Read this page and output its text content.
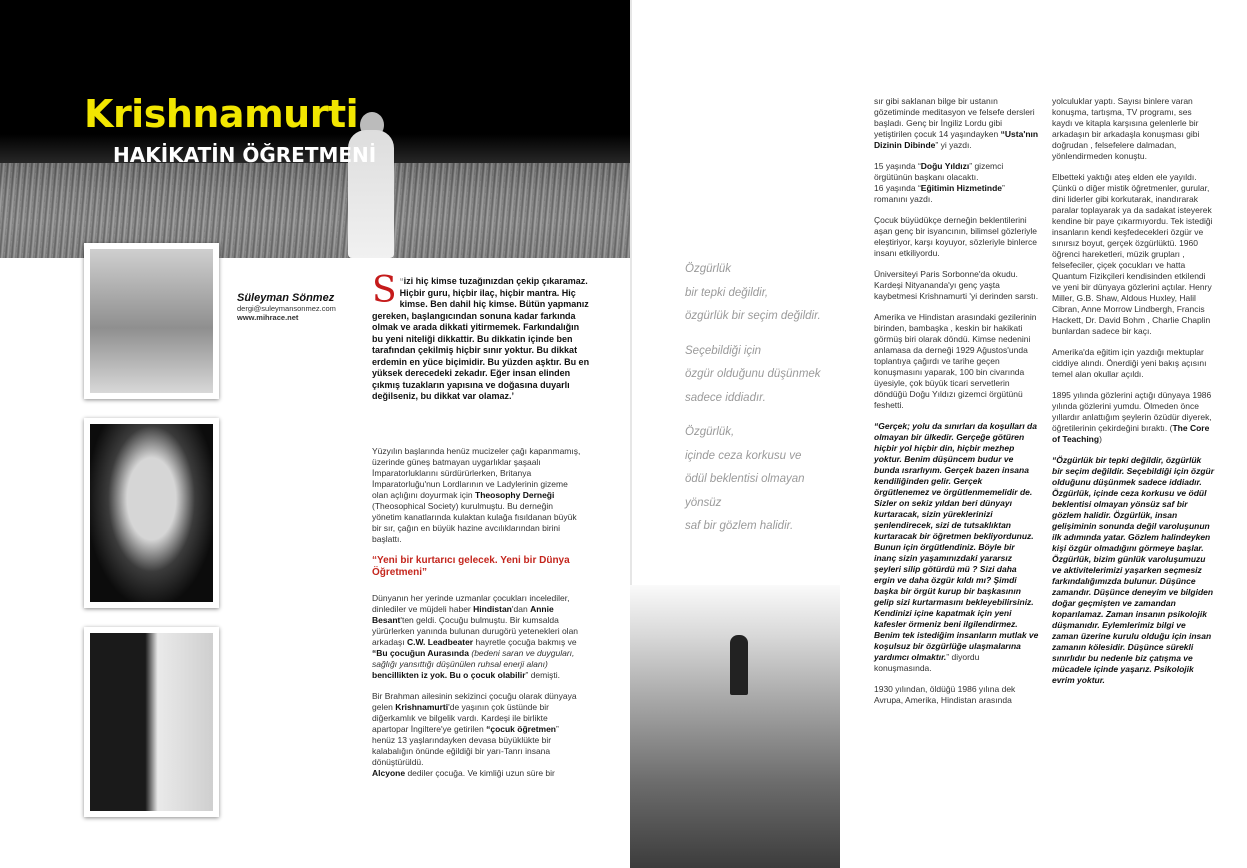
Krishnamurti
HAKİKATİN ÖĞRETMENİ
Süleyman Sönmez
dergi@suleymansonmez.com
www.mihrace.net
“
S izi hiç kimse tuzağınızdan çekip çıkaramaz. Hiçbir guru, hiçbir ilaç, hiçbir mantra. Hiç kimse. Ben dahil hiç kimse. Bütün yapmanız gereken, başlangıcından sonuna kadar farkında olmak ve arada dikkati yitirmemek. Farkındalığın bu yeni niteliği dikkattir. Bu dikkatin içinde ben tarafından çekilmiş hiçbir sınır yoktur. Bu dikkat erdemin en yüce biçimidir. Bu yüzden aşktır. Bu en yüksek derecedeki zekadır. Eğer insan elinden çıkmış tuzakların yapısına ve doğasına duyarlı değilseniz, bu dikkat var olamaz.’

Yüzyılın başlarında henüz mucizeler çağı kapanmamış, üzerinde güneş batmayan uygarlıklar şaşaalı İmparatorluklarını sürdürürlerken, Britanya İmparatorluğu'nun Lordlarının ve Ladylerinin gizeme olan açlığını doyurmak için Theosophy Derneği (Theosophical Society) kurulmuştu. Bu derneğin yönetim kanatlarında kulaktan kulağa fısıldanan büyük bir sır, çağın en büyük hazine avcılıklarından birini başlattı.

“Yeni bir kurtarıcı gelecek. Yeni bir Dünya Öğretmeni”

Dünyanın her yerinde uzmanlar çocukları incelediler, dinlediler ve müjdeli haber Hindistan'dan Annie Besant'ten geldi. Çocuğu bulmuştu. Bir kumsalda yürürlerken yanında bulunan durugörü yetenekleri olan arkadaşı C.W. Leadbeater hayretle çocuğa bakmış ve “Bu çocuğun Aurasında (bedeni saran ve duyguları, sağlığı yansıttığı düşünülen ruhsal enerji alanı) bencillikten iz yok. Bu o çocuk olabilir” demişti.

Bir Brahman ailesinin sekizinci çocuğu olarak dünyaya gelen Krishnamurti'de yaşının çok üstünde bir diğerkamlık ve bilgelik vardı. Kardeşi ile birlikte apartopar İngiltere'ye getirilen “çocuk öğretmen” henüz 13 yaşlarındayken devasa büyüklükte bir kalabalığın önünde eğildiği bir yarı-Tanrı insana dönüştürüldü.
Alcyone dediler çocuğa. Ve kimliği uzun süre bir

Özgürlük
bir tepki değildir,
özgürlük bir seçim değildir.

Seçebildiği için
özgür olduğunu düşünmek
sadece iddiadır.

Özgürlük,
içinde ceza korkusu ve
ödül beklentisi olmayan
yönsüz
saf bir gözlem halidir.

sır gibi saklanan bilge bir ustanın gözetiminde meditasyon ve felsefe dersleri başladı. Genç bir İngiliz Lordu gibi yetiştirilen çocuk 14 yaşındayken “Usta'nın Dizinin Dibinde” yi yazdı.

15 yaşında “Doğu Yıldızı” gizemci örgütünün başkanı olacaktı.
16 yaşında “Eğitimin Hizmetinde” romanını yazdı.

Çocuk büyüdükçe derneğin beklentilerini aşan genç bir isyancının, bilimsel gözleriyle eleştiriyor, karşı koyuyor, sözleriyle binlerce insanı etkiliyordu.

Üniversiteyi Paris Sorbonne'da okudu. Kardeşi Nityananda'yı genç yaşta kaybetmesi Krishnamurti 'yi derinden sarstı.

Amerika ve Hindistan arasındaki gezilerinin birinden, bambaşka , keskin bir hakikati görmüş biri olarak döndü. Kimse nedenini anlamasa da derneği 1929 Ağustos'unda toplantıya çağırdı ve tarihe geçen konuşmasını yaparak, 100 bin civarında üyesiyle, çok büyük ticari servetlerin döndüğü Doğu Yıldızı gizemci örgütünü feshetti.

“Gerçek; yolu da sınırları da koşulları da olmayan bir ülkedir. Gerçeğe götüren hiçbir yol hiçbir din, hiçbir mezhep yoktur. Benim düşüncem budur ve bunda ısrarlıyım. Gerçek bazen insana kendiliğinden gelir. Gerçek örgütlenemez ve örgütlenmemelidir de. Sizler on sekiz yıldan beri dünyayı kurtaracak, sizin yüreklerinizi şenlendirecek, sizi de tutsaklıktan kurtaracak bir öğretmen bekliyordunuz. Bunun için örgütlendiniz. Böyle bir inanç sizin yaşamınızdaki yararsız şeyleri silip götürdü mü ? Sizi daha ergin ve daha özgür kıldı mı? Şimdi başka bir örgüt kurup bir başkasının gelip sizi kurtarmasını bekleyebilirsiniz. Kendinizi içine kapatmak için yeni kafesler örmeniz beni ilgilendirmez. Benim tek istediğim insanların mutlak ve koşulsuz bir özgürlüğe ulaşmalarına yardımcı olmaktır.” diyordu konuşmasında.

1930 yılından, öldüğü 1986 yılına dek Avrupa, Amerika, Hindistan arasında

yolculuklar yaptı. Sayısı binlere varan konuşma, tartışma, TV programı, ses kaydı ve kitapla karşısına gelenlerle bir arkadaşın bir arkadaşla konuşması gibi doğrudan , felsefelere dalmadan, yönlendirmeden konuştu.

Elbetteki yaktığı ateş elden ele yayıldı. Çünkü o diğer mistik öğretmenler, gurular, dini liderler gibi korkutarak, inandırarak paralar toplayarak ya da sadakat isteyerek kendine bir paye çıkarmıyordu. Tek istediği insanların kendi keşfedecekleri özgür ve sınırsız boyut, gerçek özgürlüktü. 1960 öğrenci hareketleri, müzik grupları , felsefeciler, çiçek çocukları ve hatta Quantum Fizikçileri kendisinden etkilendi ve yeni bir dünyaya gözlerini açtılar. Henry Miller, G.B. Shaw, Aldous Huxley, Halil Cibran, Anne Morrow Lindbergh, Francis Hackett, Dr. David Bohm , Charlie Chaplin bunlardan sadece bir kaçı.

Amerika'da eğitim için yazdığı mektuplar ciddiye alındı. Önerdiği yeni bakış açısını temel alan okullar açıldı.

1895 yılında gözlerini açtığı dünyaya 1986 yılında gözlerini yumdu. Ölmeden önce yıllardır anlattığım şeylerin özüdür diyerek, öğretilerinin çekirdeğini bıraktı. (The Core of Teaching)

“Özgürlük bir tepki değildir, özgürlük bir seçim değildir. Seçebildiği için özgür olduğunu düşünmek sadece iddiadır. Özgürlük, içinde ceza korkusu ve ödül beklentisi olmayan yönsüz saf bir gözlem halidir. Özgürlük, insan gelişiminin sonunda değil varoluşunun ilk adımında yatar. Gözlem halindeyken kişi özgür olmadığını görmeye başlar. Özgürlük, bizim günlük varoluşumuzu ve aktivitelerimizi yaşarken seçmesiz farkındalığımızda bulunur. Düşünce zamandır. Düşünce deneyim ve bilgiden doğar geçmişten ve zamandan koparılamaz. Zaman insanın psikolojik düşmanıdır. Eylemlerimiz bilgi ve zaman üzerine kurulu olduğu için insan zamanın kölesidir. Düşünce sürekli sınırlıdır bu nedenle biz çatışma ve mücadele içinde yaşarız. Psikolojik evrim yoktur.
